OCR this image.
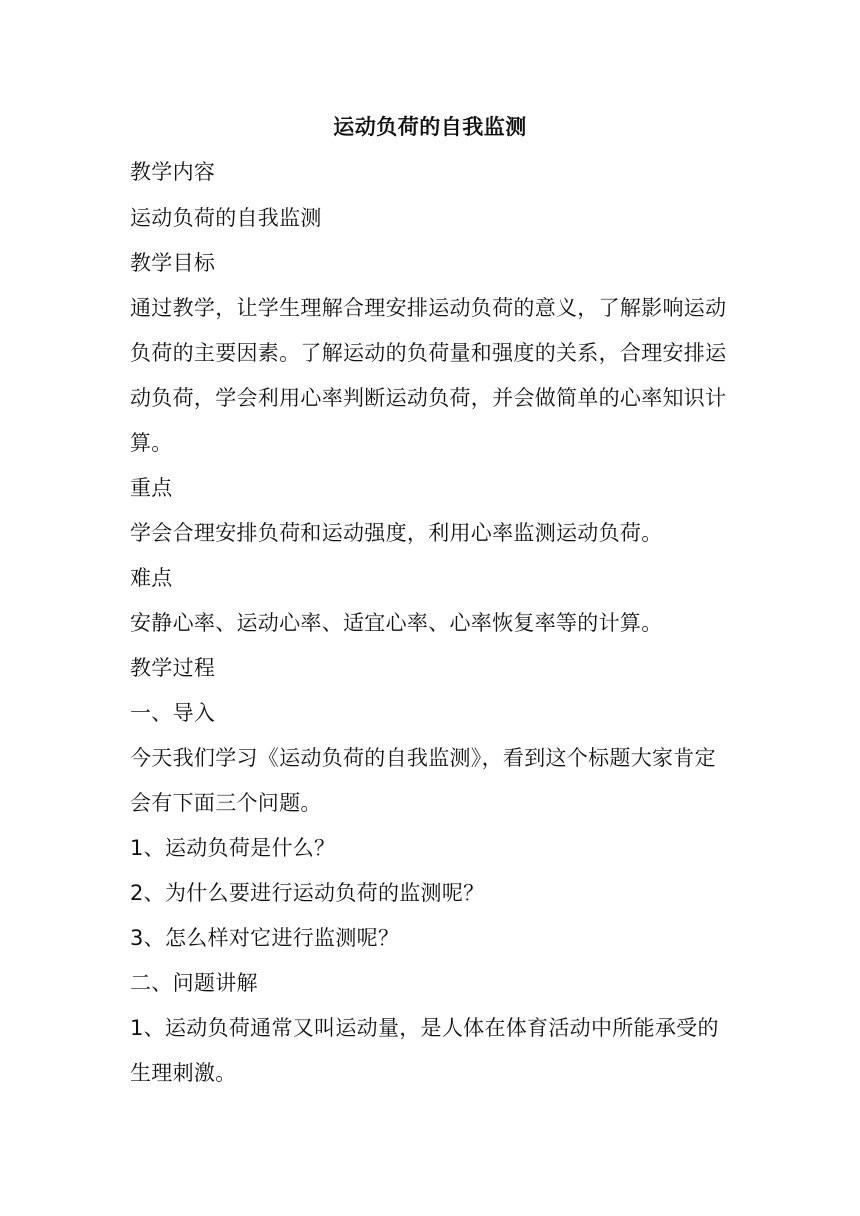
运动负荷的自我监测
教学内容
运动负荷的自我监测
教学目标
通过教学，让学生理解合理安排运动负荷的意义，了解影响运动
负荷的主要因素。了解运动的负荷量和强度的关系，合理安排运
动负荷，学会利用心率判断运动负荷，并会做简单的心率知识计
算。
重点
学会合理安排负荷和运动强度，利用心率监测运动负荷。
难点
安静心率、运动心率、适宜心率、心率恢复率等的计算。
教学过程
一、导入
今天我们学习《运动负荷的自我监测》，看到这个标题大家肯定
会有下面三个问题。
1、运动负荷是什么？
2、为什么要进行运动负荷的监测呢？
3、怎么样对它进行监测呢？
二、问题讲解
1、运动负荷通常又叫运动量，是人体在体育活动中所能承受的
生理刺激。
